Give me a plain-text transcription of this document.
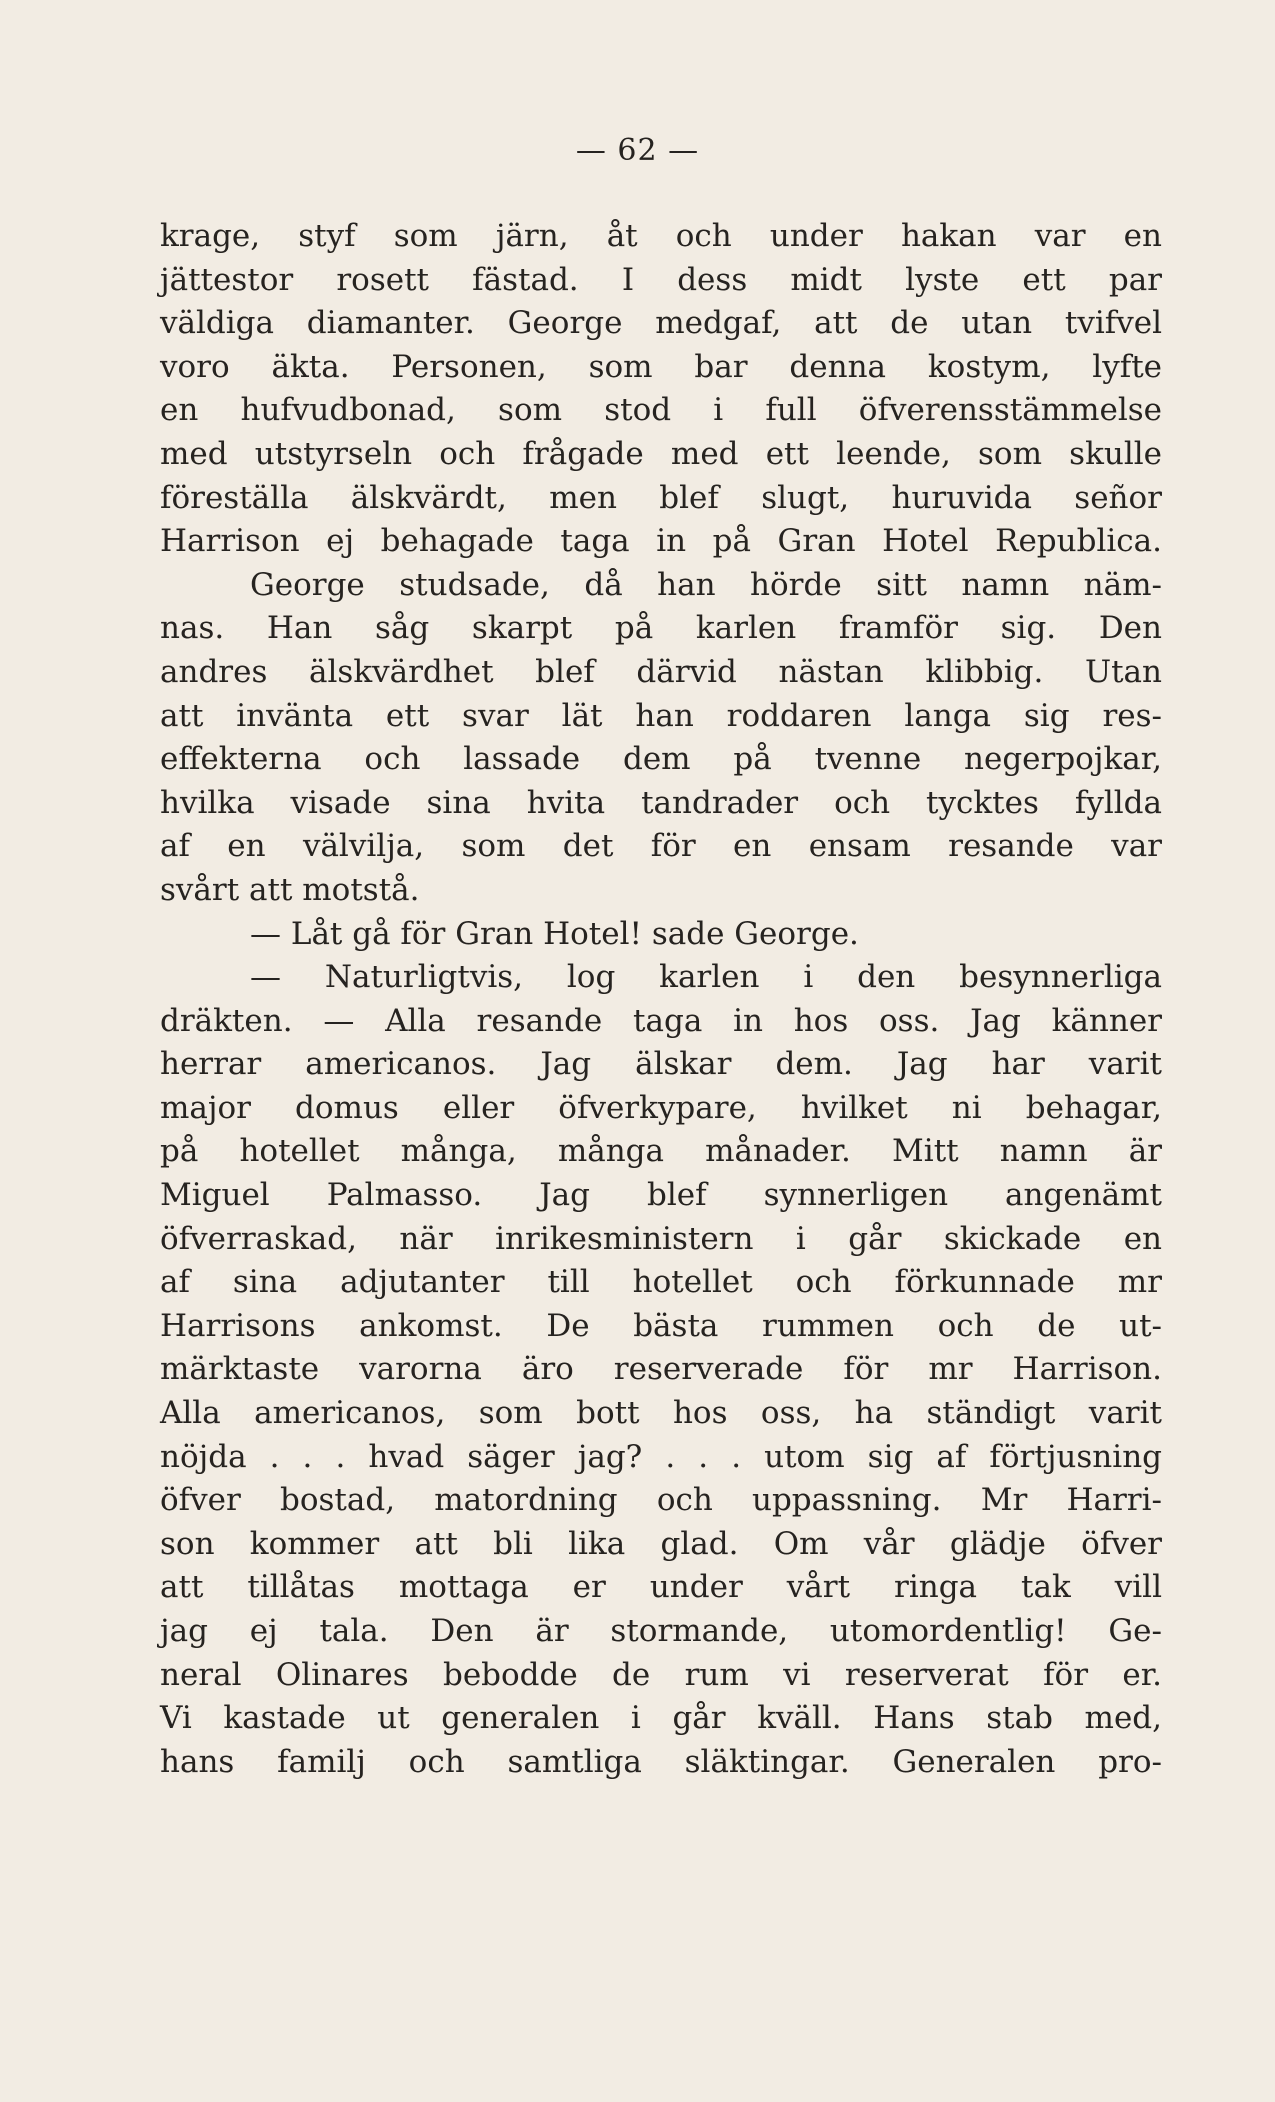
— 62 —
krage, styf som järn, åt och under hakan var en
jättestor rosett fästad. I dess midt lyste ett par
väldiga diamanter. George medgaf, att de utan tvifvel
voro äkta. Personen, som bar denna kostym, lyfte
en hufvudbonad, som stod i full öfverensstämmelse
med utstyrseln och frågade med ett leende, som skulle
föreställa älskvärdt, men blef slugt, huruvida señor
Harrison ej behagade taga in på Gran Hotel Republica.
George studsade, då han hörde sitt namn näm-
nas. Han såg skarpt på karlen framför sig. Den
andres älskvärdhet blef därvid nästan klibbig. Utan
att invänta ett svar lät han roddaren langa sig res-
effekterna och lassade dem på tvenne negerpojkar,
hvilka visade sina hvita tandrader och tycktes fyllda
af en välvilja, som det för en ensam resande var
svårt att motstå.
— Låt gå för Gran Hotel! sade George.
— Naturligtvis, log karlen i den besynnerliga
dräkten. — Alla resande taga in hos oss. Jag känner
herrar americanos. Jag älskar dem. Jag har varit
major domus eller öfverkypare, hvilket ni behagar,
på hotellet många, många månader. Mitt namn är
Miguel Palmasso. Jag blef synnerligen angenämt
öfverraskad, när inrikesministern i går skickade en
af sina adjutanter till hotellet och förkunnade mr
Harrisons ankomst. De bästa rummen och de ut-
märktaste varorna äro reserverade för mr Harrison.
Alla americanos, som bott hos oss, ha ständigt varit
nöjda . . . hvad säger jag? . . . utom sig af förtjusning
öfver bostad, matordning och uppassning. Mr Harri-
son kommer att bli lika glad. Om vår glädje öfver
att tillåtas mottaga er under vårt ringa tak vill
jag ej tala. Den är stormande, utomordentlig! Ge-
neral Olinares bebodde de rum vi reserverat för er.
Vi kastade ut generalen i går kväll. Hans stab med,
hans familj och samtliga släktingar. Generalen pro-
